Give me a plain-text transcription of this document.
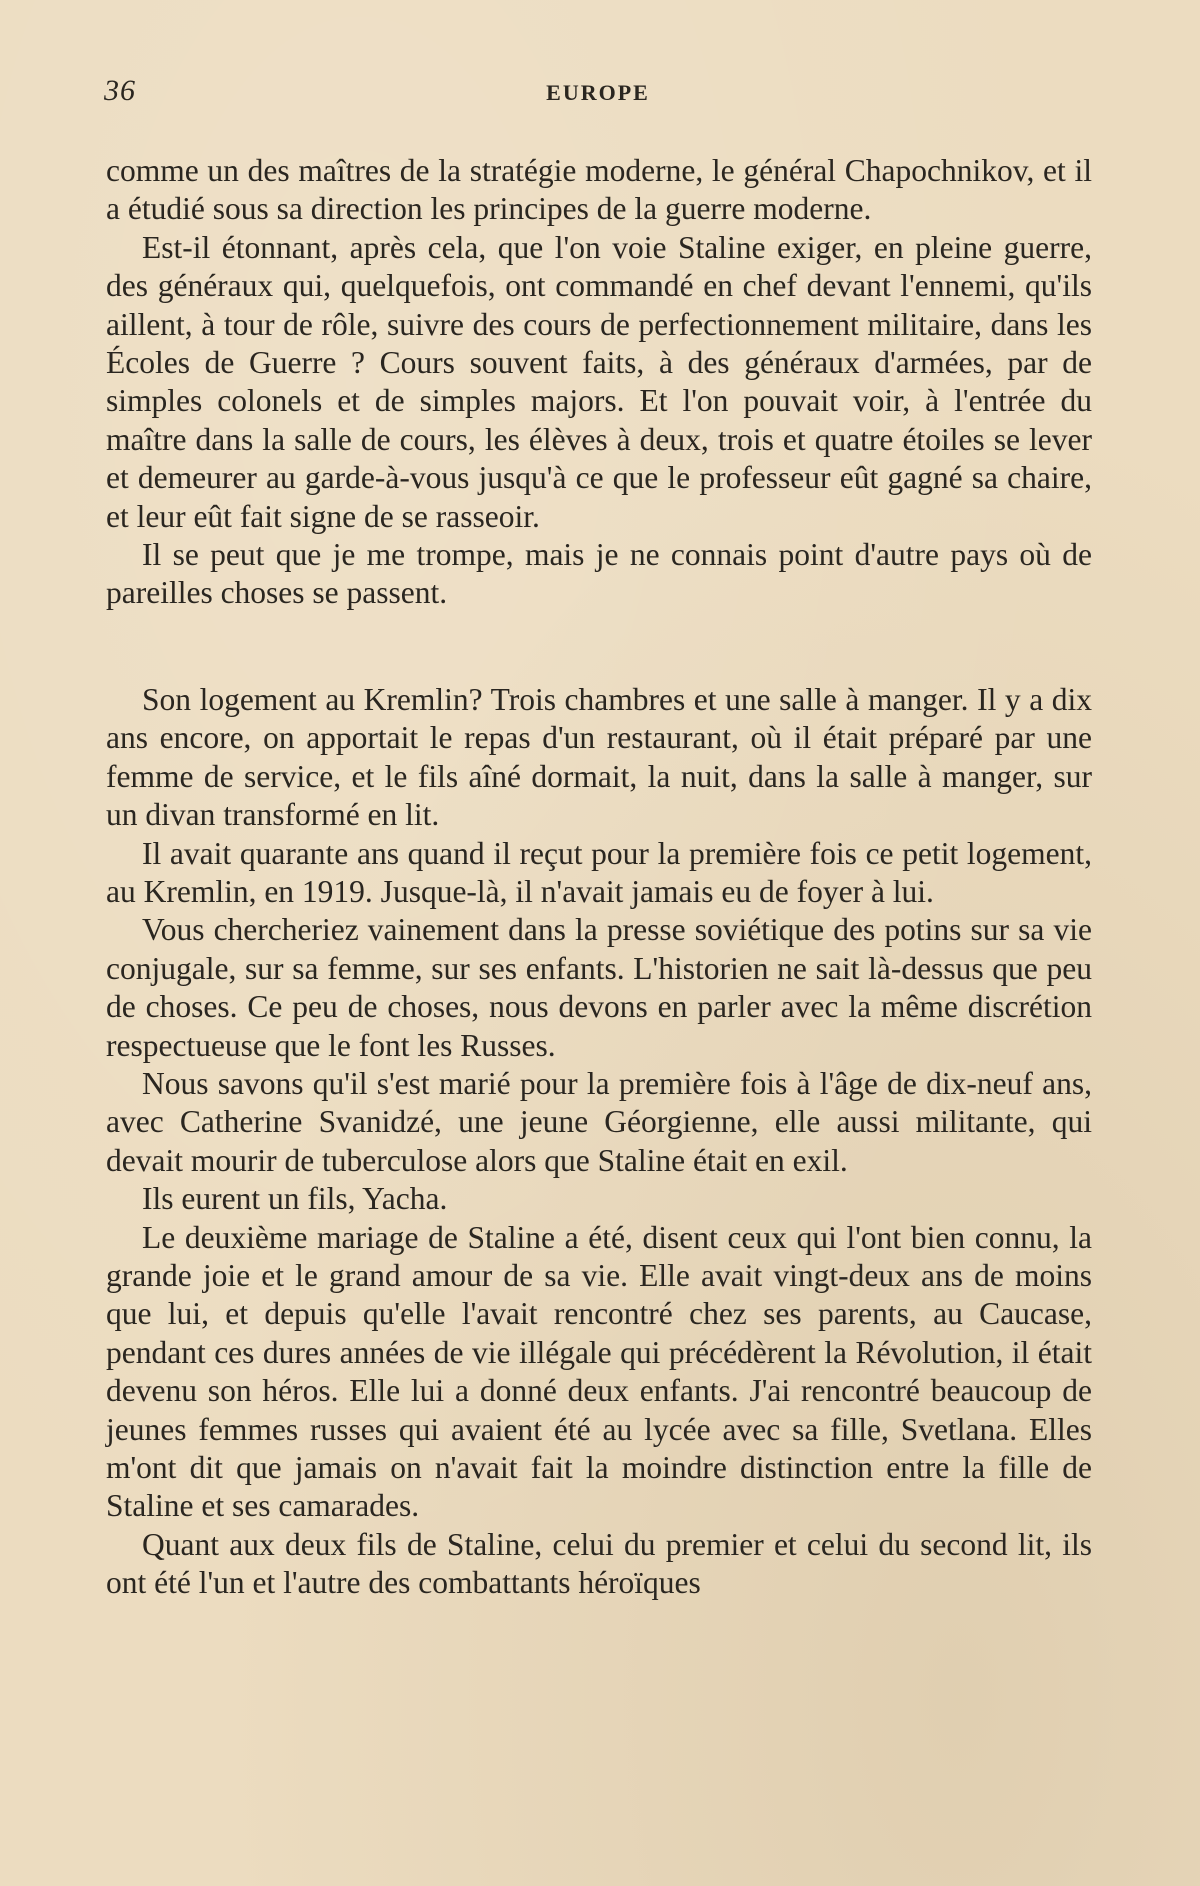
36	EUROPE

comme un des maîtres de la stratégie moderne, le général Chapochnikov, et il a étudié sous sa direction les principes de la guerre moderne.

Est-il étonnant, après cela, que l'on voie Staline exiger, en pleine guerre, des généraux qui, quelquefois, ont commandé en chef devant l'ennemi, qu'ils aillent, à tour de rôle, suivre des cours de perfectionnement militaire, dans les Écoles de Guerre ? Cours souvent faits, à des généraux d'armées, par de simples colonels et de simples majors. Et l'on pouvait voir, à l'entrée du maître dans la salle de cours, les élèves à deux, trois et quatre étoiles se lever et demeurer au garde-à-vous jusqu'à ce que le professeur eût gagné sa chaire, et leur eût fait signe de se rasseoir.

Il se peut que je me trompe, mais je ne connais point d'autre pays où de pareilles choses se passent.

Son logement au Kremlin? Trois chambres et une salle à manger. Il y a dix ans encore, on apportait le repas d'un restaurant, où il était préparé par une femme de service, et le fils aîné dormait, la nuit, dans la salle à manger, sur un divan transformé en lit.

Il avait quarante ans quand il reçut pour la première fois ce petit logement, au Kremlin, en 1919. Jusque-là, il n'avait jamais eu de foyer à lui.

Vous chercheriez vainement dans la presse soviétique des potins sur sa vie conjugale, sur sa femme, sur ses enfants. L'historien ne sait là-dessus que peu de choses. Ce peu de choses, nous devons en parler avec la même discrétion respectueuse que le font les Russes.

Nous savons qu'il s'est marié pour la première fois à l'âge de dix-neuf ans, avec Catherine Svanidzé, une jeune Géorgienne, elle aussi militante, qui devait mourir de tuberculose alors que Staline était en exil.

Ils eurent un fils, Yacha.

Le deuxième mariage de Staline a été, disent ceux qui l'ont bien connu, la grande joie et le grand amour de sa vie. Elle avait vingt-deux ans de moins que lui, et depuis qu'elle l'avait rencontré chez ses parents, au Caucase, pendant ces dures années de vie illégale qui précédèrent la Révolution, il était devenu son héros. Elle lui a donné deux enfants. J'ai rencontré beaucoup de jeunes femmes russes qui avaient été au lycée avec sa fille, Svetlana. Elles m'ont dit que jamais on n'avait fait la moindre distinction entre la fille de Staline et ses camarades.

Quant aux deux fils de Staline, celui du premier et celui du second lit, ils ont été l'un et l'autre des combattants héroïques
